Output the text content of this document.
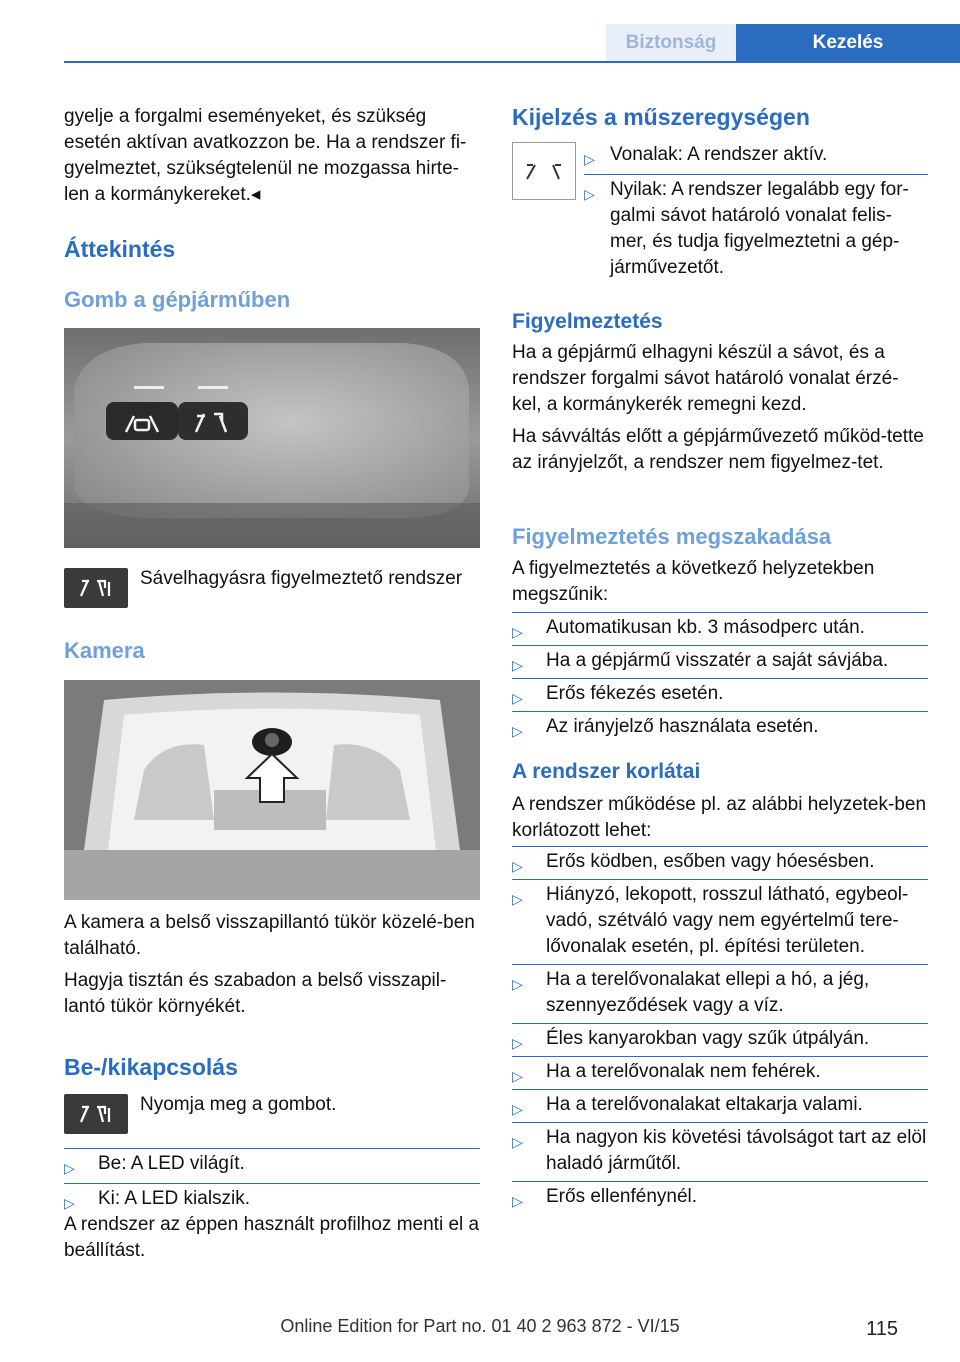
Biztonság	Kezelés
gyelje a forgalmi eseményeket, és szükség esetén aktívan avatkozzon be. Ha a rendszer fi-gyelmeztet, szükségtelenül ne mozgassa hirte-len a kormánykereket.◂
Áttekintés
Gomb a gépjárműben
Sávelhagyásra figyelmeztető rendszer
Kamera
A kamera a belső visszapillantó tükör közelé-ben található.
Hagyja tisztán és szabadon a belső visszapil-lantó tükör környékét.
Be-/kikapcsolás
Nyomja meg a gombot.
▷ Be: A LED világít.
▷ Ki: A LED kialszik.
A rendszer az éppen használt profilhoz menti el a beállítást.
Kijelzés a műszeregységen
▷ Vonalak: A rendszer aktív.
▷ Nyilak: A rendszer legalább egy for-galmi sávot határoló vonalat felis-mer, és tudja figyelmeztetni a gép-járművezetőt.
Figyelmeztetés
Ha a gépjármű elhagyni készül a sávot, és a rendszer forgalmi sávot határoló vonalat érzé-kel, a kormánykerék remegni kezd.
Ha sávváltás előtt a gépjárművezető működ-tette az irányjelzőt, a rendszer nem figyelmez-tet.
Figyelmeztetés megszakadása
A figyelmeztetés a következő helyzetekben megszűnik:
▷ Automatikusan kb. 3 másodperc után.
▷ Ha a gépjármű visszatér a saját sávjába.
▷ Erős fékezés esetén.
▷ Az irányjelző használata esetén.
A rendszer korlátai
A rendszer működése pl. az alábbi helyzetek-ben korlátozott lehet:
▷ Erős ködben, esőben vagy hóesésben.
▷ Hiányzó, lekopott, rosszul látható, egybeol-vadó, szétváló vagy nem egyértelmű tere-lővonalak esetén, pl. építési területen.
▷ Ha a terelővonalakat ellepi a hó, a jég, szennyeződések vagy a víz.
▷ Éles kanyarokban vagy szűk útpályán.
▷ Ha a terelővonalak nem fehérek.
▷ Ha a terelővonalakat eltakarja valami.
▷ Ha nagyon kis követési távolságot tart az elöl haladó járműtől.
▷ Erős ellenfénynél.
Online Edition for Part no. 01 40 2 963 872 - VI/15	115
